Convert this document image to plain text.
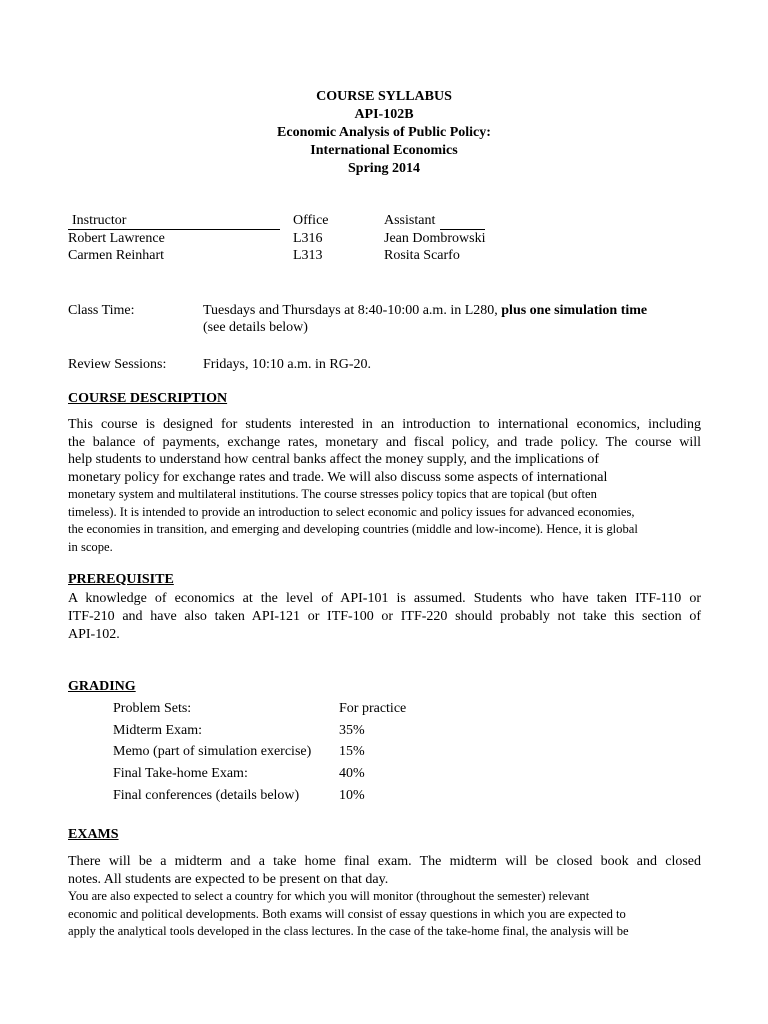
COURSE SYLLABUS
API-102B
Economic Analysis of Public Policy:
International Economics
Spring 2014
Instructor	Office	Assistant
Robert Lawrence	L316	Jean Dombrowski
Carmen Reinhart	L313	Rosita Scarfo
Class Time:	Tuesdays and Thursdays at 8:40-10:00 a.m. in L280, plus one simulation time
(see details below)
Review Sessions:	Fridays, 10:10 a.m. in RG-20.
COURSE DESCRIPTION

This course is designed for students interested in an introduction to international economics, including

the balance of payments, exchange rates, monetary and fiscal policy, and trade policy. The course will

help students to understand how central banks affect the money supply, and the implications of

monetary policy for exchange rates and trade. We will also discuss some aspects of international

monetary system and multilateral institutions. The course stresses policy topics that are topical (but often

timeless). It is intended to provide an introduction to select economic and policy issues for advanced economies,

the economies in transition, and emerging and developing countries (middle and low-income). Hence, it is global

in scope.

PREREQUISITE

A knowledge of economics at the level of API-101 is assumed. Students who have taken ITF-110 or

ITF-210 and have also taken API-121 or ITF-100 or ITF-220 should probably not take this section of

API-102.

GRADING
Problem Sets:	For practice
Midterm Exam:	35%
Memo (part of simulation exercise) 15%
Final Take-home Exam:	40%
Final conferences (details below)	10%
EXAMS

There will be a midterm and a take home final exam. The midterm will be closed book and closed

notes. All students are expected to be present on that day.

You are also expected to select a country for which you will monitor (throughout the semester) relevant

economic and political developments. Both exams will consist of essay questions in which you are expected to

apply the analytical tools developed in the class lectures. In the case of the take-home final, the analysis will be
